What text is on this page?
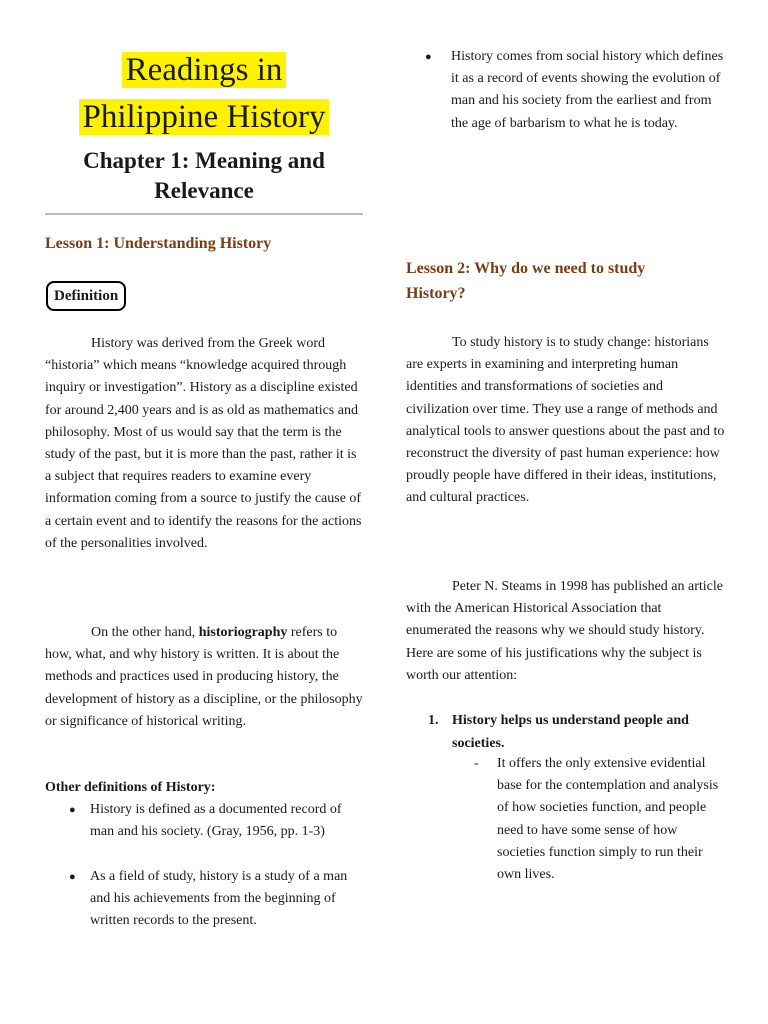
Readings in
Philippine History
Chapter 1: Meaning and
Relevance
Lesson 1: Understanding History
Definition
History was derived from the Greek word “historia” which means “knowledge acquired through inquiry or investigation”. History as a discipline existed for around 2,400 years and is as old as mathematics and philosophy. Most of us would say that the term is the study of the past, but it is more than the past, rather it is a subject that requires readers to examine every information coming from a source to justify the cause of a certain event and to identify the reasons for the actions of the personalities involved.
On the other hand, historiography refers to how, what, and why history is written. It is about the methods and practices used in producing history, the development of history as a discipline, or the philosophy or significance of historical writing.
Other definitions of History:
● History is defined as a documented record of man and his society. (Gray, 1956, pp. 1-3)
● As a field of study, history is a study of a man and his achievements from the beginning of written records to the present.
● History comes from social history which defines it as a record of events showing the evolution of man and his society from the earliest and from the age of barbarism to what he is today.
Lesson 2: Why do we need to study History?
To study history is to study change: historians are experts in examining and interpreting human identities and transformations of societies and civilization over time. They use a range of methods and analytical tools to answer questions about the past and to reconstruct the diversity of past human experience: how proudly people have differed in their ideas, institutions, and cultural practices.
Peter N. Steams in 1998 has published an article with the American Historical Association that enumerated the reasons why we should study history. Here are some of his justifications why the subject is worth our attention:
1. History helps us understand people and societies.
- It offers the only extensive evidential base for the contemplation and analysis of how societies function, and people need to have some sense of how societies function simply to run their own lives.
